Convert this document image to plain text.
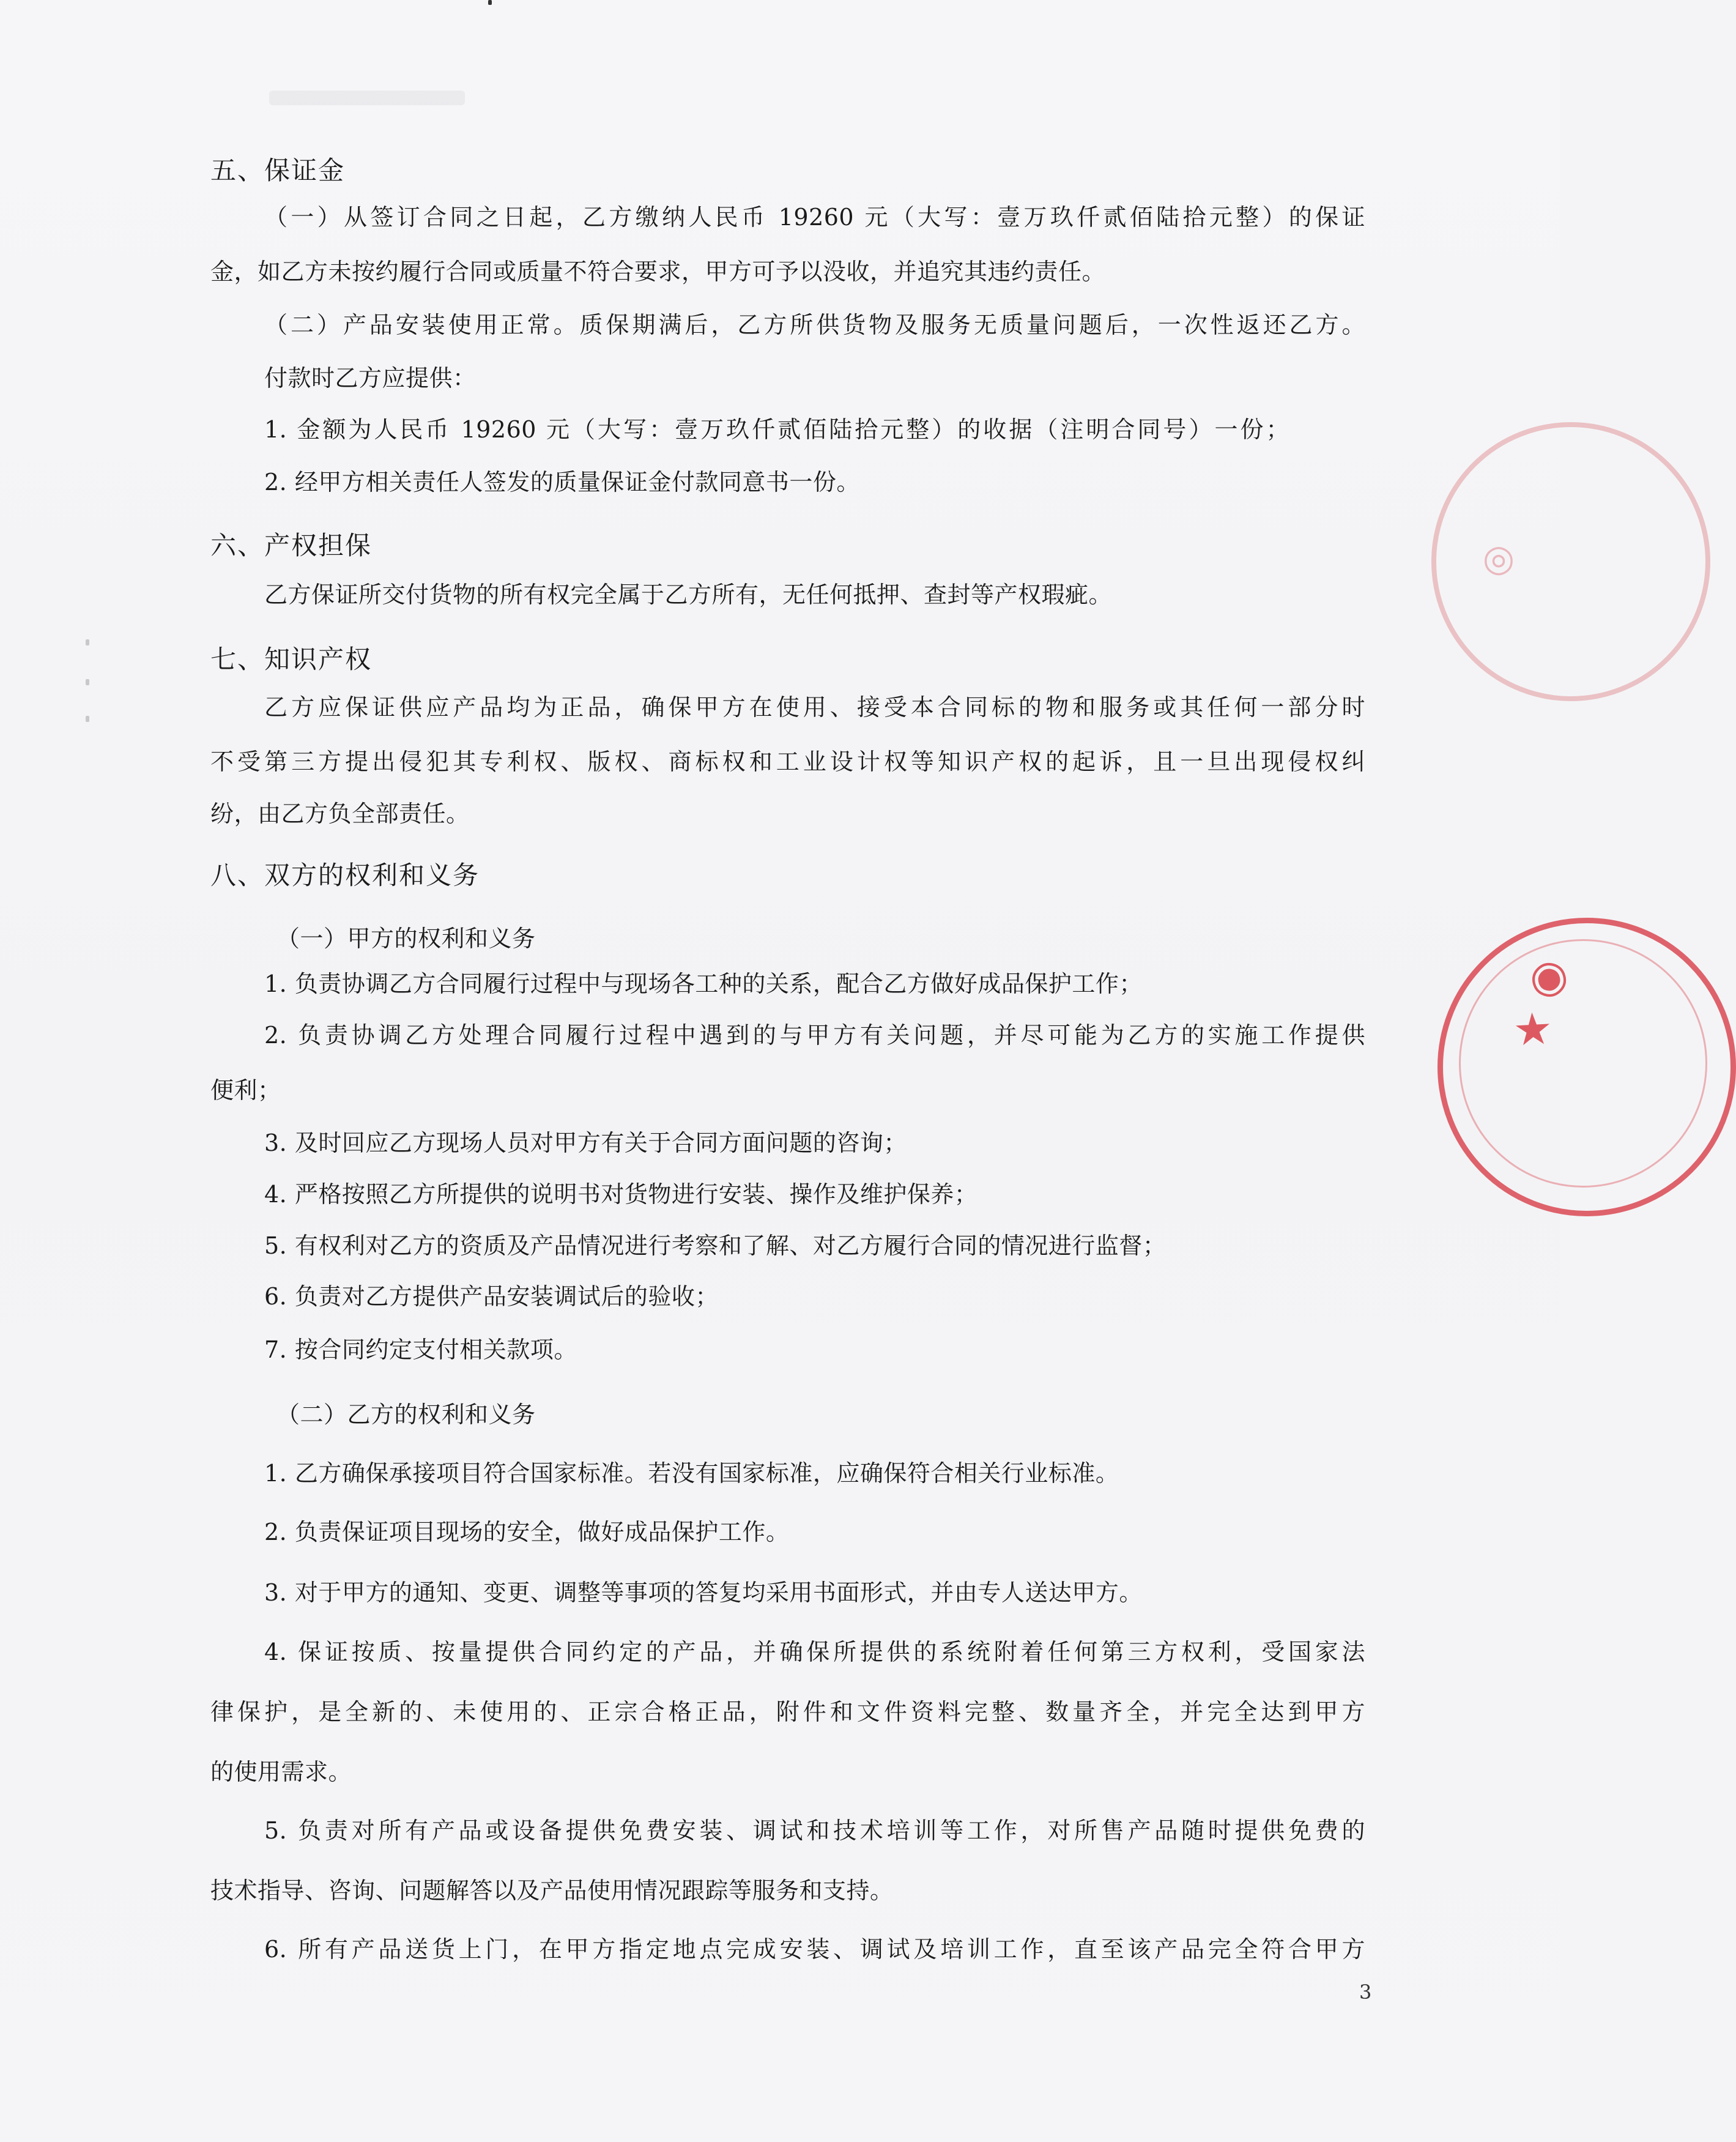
◎
★ ◉
五、保证金
（一）从签订合同之日起，乙方缴纳人民币 19260 元（大写：壹万玖仟贰佰陆拾元整）的保证
金，如乙方未按约履行合同或质量不符合要求，甲方可予以没收，并追究其违约责任。
（二）产品安装使用正常。质保期满后，乙方所供货物及服务无质量问题后，一次性返还乙方。
付款时乙方应提供：
1. 金额为人民币 19260 元（大写：壹万玖仟贰佰陆拾元整）的收据（注明合同号）一份；
2. 经甲方相关责任人签发的质量保证金付款同意书一份。
六、产权担保
乙方保证所交付货物的所有权完全属于乙方所有，无任何抵押、查封等产权瑕疵。
七、知识产权
乙方应保证供应产品均为正品，确保甲方在使用、接受本合同标的物和服务或其任何一部分时
不受第三方提出侵犯其专利权、版权、商标权和工业设计权等知识产权的起诉，且一旦出现侵权纠
纷，由乙方负全部责任。
八、双方的权利和义务
（一）甲方的权利和义务
1. 负责协调乙方合同履行过程中与现场各工种的关系，配合乙方做好成品保护工作；
2. 负责协调乙方处理合同履行过程中遇到的与甲方有关问题，并尽可能为乙方的实施工作提供
便利；
3. 及时回应乙方现场人员对甲方有关于合同方面问题的咨询；
4. 严格按照乙方所提供的说明书对货物进行安装、操作及维护保养；
5. 有权利对乙方的资质及产品情况进行考察和了解、对乙方履行合同的情况进行监督；
6. 负责对乙方提供产品安装调试后的验收；
7. 按合同约定支付相关款项。
（二）乙方的权利和义务
1. 乙方确保承接项目符合国家标准。若没有国家标准，应确保符合相关行业标准。
2. 负责保证项目现场的安全，做好成品保护工作。
3. 对于甲方的通知、变更、调整等事项的答复均采用书面形式，并由专人送达甲方。
4. 保证按质、按量提供合同约定的产品，并确保所提供的系统附着任何第三方权利，受国家法
律保护，是全新的、未使用的、正宗合格正品，附件和文件资料完整、数量齐全，并完全达到甲方
的使用需求。
5. 负责对所有产品或设备提供免费安装、调试和技术培训等工作，对所售产品随时提供免费的
技术指导、咨询、问题解答以及产品使用情况跟踪等服务和支持。
6. 所有产品送货上门，在甲方指定地点完成安装、调试及培训工作，直至该产品完全符合甲方
3
